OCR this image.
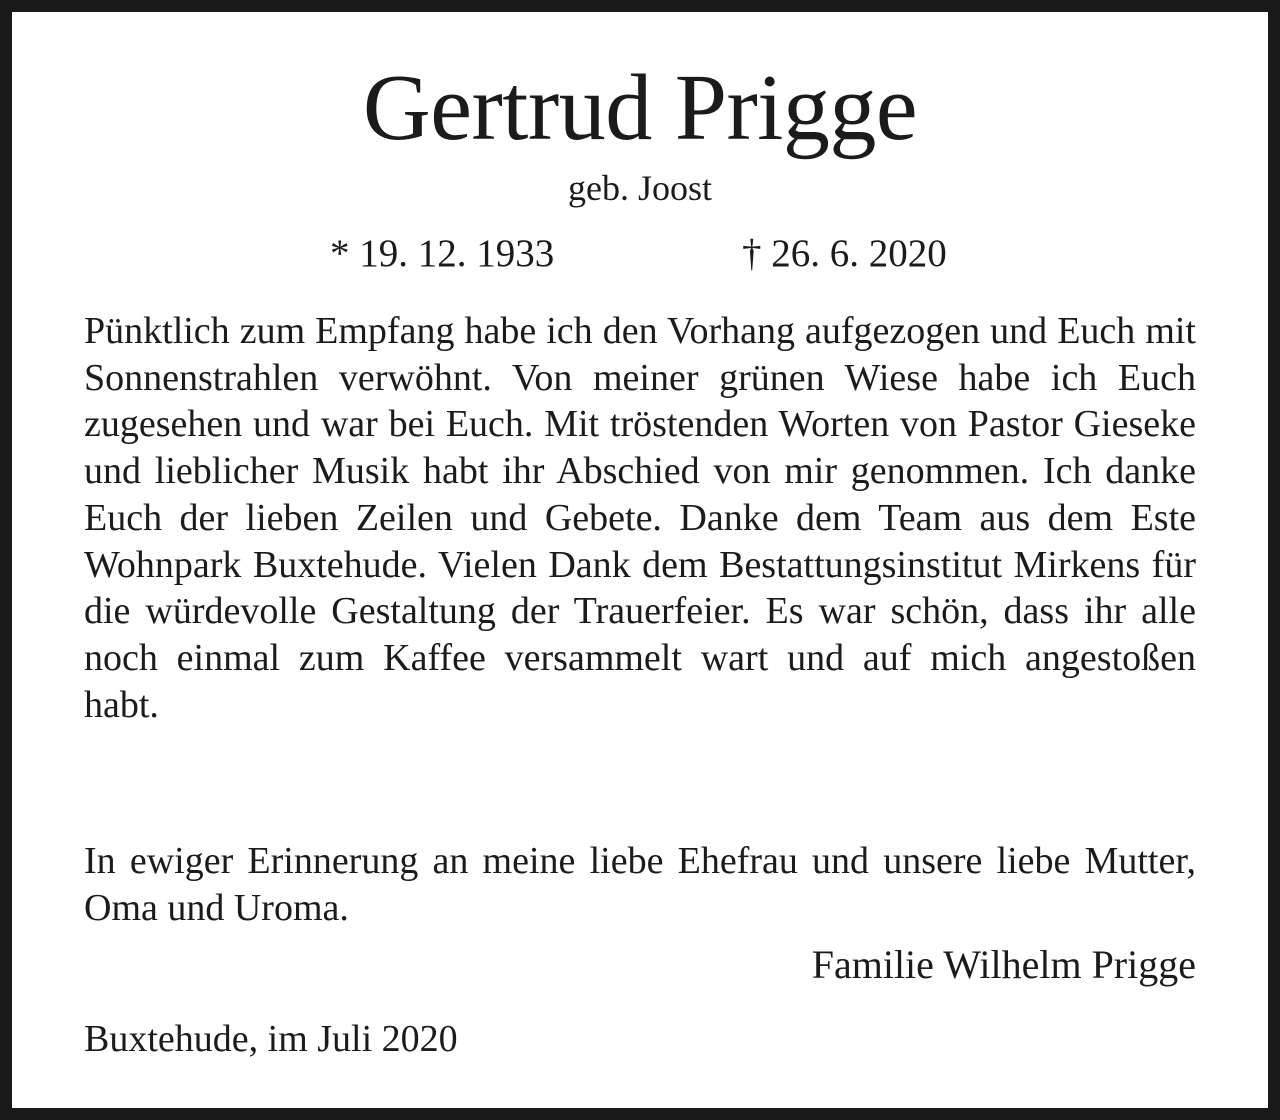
Gertrud Prigge
geb. Joost
* 19. 12. 1933	† 26. 6. 2020

Pünktlich zum Empfang habe ich den Vorhang aufgezogen und Euch mit Sonnenstrahlen verwöhnt. Von meiner grünen Wiese habe ich Euch zugesehen und war bei Euch. Mit tröstenden Worten von Pastor Gieseke und lieblicher Musik habt ihr Abschied von mir genommen. Ich danke Euch der lieben Zeilen und Gebete. Danke dem Team aus dem Este Wohnpark Buxtehude. Vielen Dank dem Bestattungsinstitut Mirkens für die würdevolle Gestaltung der Trauerfeier. Es war schön, dass ihr alle noch einmal zum Kaffee versammelt wart und auf mich angestoßen habt.

In ewiger Erinnerung an meine liebe Ehefrau und unsere liebe Mutter, Oma und Uroma.

Familie Wilhelm Prigge
Buxtehude, im Juli 2020
